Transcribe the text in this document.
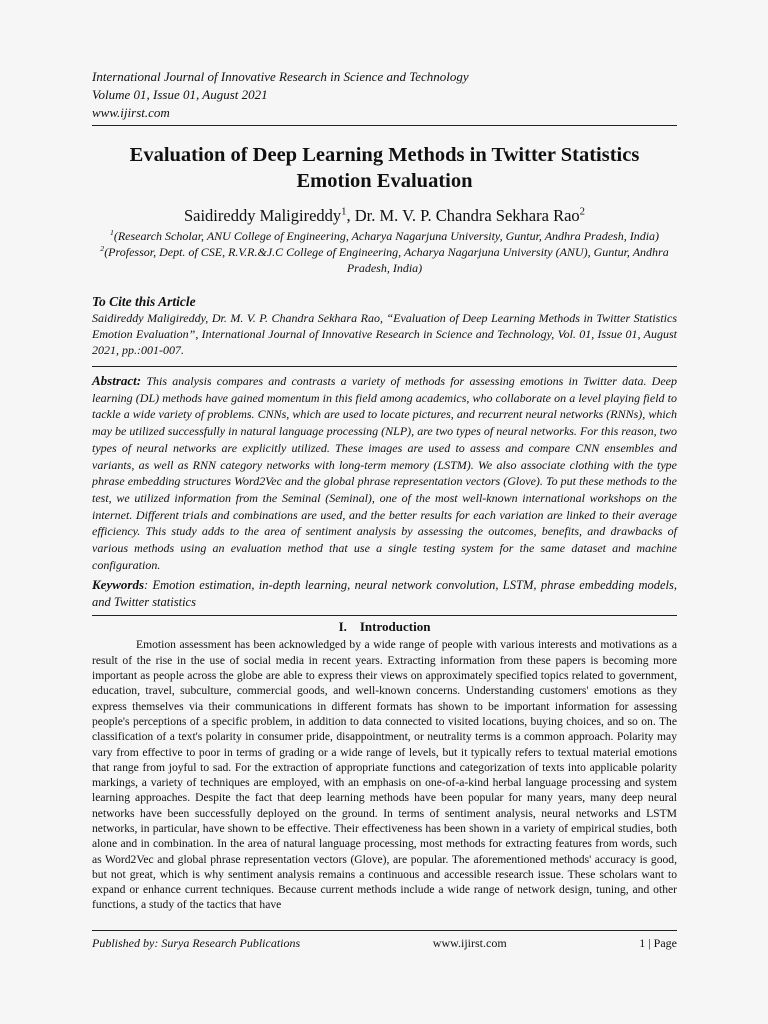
International Journal of Innovative Research in Science and Technology
Volume 01, Issue 01, August 2021
www.ijirst.com
Evaluation of Deep Learning Methods in Twitter Statistics Emotion Evaluation
Saidireddy Maligireddy$^1$, Dr. M. V. P. Chandra Sekhara Rao$^2$
$^1$(Research Scholar, ANU College of Engineering, Acharya Nagarjuna University, Guntur, Andhra Pradesh, India)
$^2$(Professor, Dept. of CSE, R.V.R.&J.C College of Engineering, Acharya Nagarjuna University (ANU), Guntur, Andhra Pradesh, India)
To Cite this Article
Saidireddy Maligireddy, Dr. M. V. P. Chandra Sekhara Rao, “Evaluation of Deep Learning Methods in Twitter Statistics Emotion Evaluation”, International Journal of Innovative Research in Science and Technology, Vol. 01, Issue 01, August 2021, pp.:001-007.
Abstract: This analysis compares and contrasts a variety of methods for assessing emotions in Twitter data. Deep learning (DL) methods have gained momentum in this field among academics, who collaborate on a level playing field to tackle a wide variety of problems. CNNs, which are used to locate pictures, and recurrent neural networks (RNNs), which may be utilized successfully in natural language processing (NLP), are two types of neural networks. For this reason, two types of neural networks are explicitly utilized. These images are used to assess and compare CNN ensembles and variants, as well as RNN category networks with long-term memory (LSTM). We also associate clothing with the type phrase embedding structures Word2Vec and the global phrase representation vectors (Glove). To put these methods to the test, we utilized information from the Seminal (Seminal), one of the most well-known international workshops on the internet. Different trials and combinations are used, and the better results for each variation are linked to their average efficiency. This study adds to the area of sentiment analysis by assessing the outcomes, benefits, and drawbacks of various methods using an evaluation method that use a single testing system for the same dataset and machine configuration.
Keywords: Emotion estimation, in-depth learning, neural network convolution, LSTM, phrase embedding models, and Twitter statistics
I.    Introduction
Emotion assessment has been acknowledged by a wide range of people with various interests and motivations as a result of the rise in the use of social media in recent years. Extracting information from these papers is becoming more important as people across the globe are able to express their views on approximately specified topics related to government, education, travel, subculture, commercial goods, and well-known concerns. Understanding customers' emotions as they express themselves via their communications in different formats has shown to be important information for assessing people's perceptions of a specific problem, in addition to data connected to visited locations, buying choices, and so on. The classification of a text's polarity in consumer pride, disappointment, or neutrality terms is a common approach. Polarity may vary from effective to poor in terms of grading or a wide range of levels, but it typically refers to textual material emotions that range from joyful to sad. For the extraction of appropriate functions and categorization of texts into applicable polarity markings, a variety of techniques are employed, with an emphasis on one-of-a-kind herbal language processing and system learning approaches. Despite the fact that deep learning methods have been popular for many years, many deep neural networks have been successfully deployed on the ground. In terms of sentiment analysis, neural networks and LSTM networks, in particular, have shown to be effective. Their effectiveness has been shown in a variety of empirical studies, both alone and in combination. In the area of natural language processing, most methods for extracting features from words, such as Word2Vec and global phrase representation vectors (Glove), are popular. The aforementioned methods' accuracy is good, but not great, which is why sentiment analysis remains a continuous and accessible research issue. These scholars want to expand or enhance current techniques. Because current methods include a wide range of network design, tuning, and other functions, a study of the tactics that have
Published by: Surya Research Publications	www.ijirst.com	1 | Page
